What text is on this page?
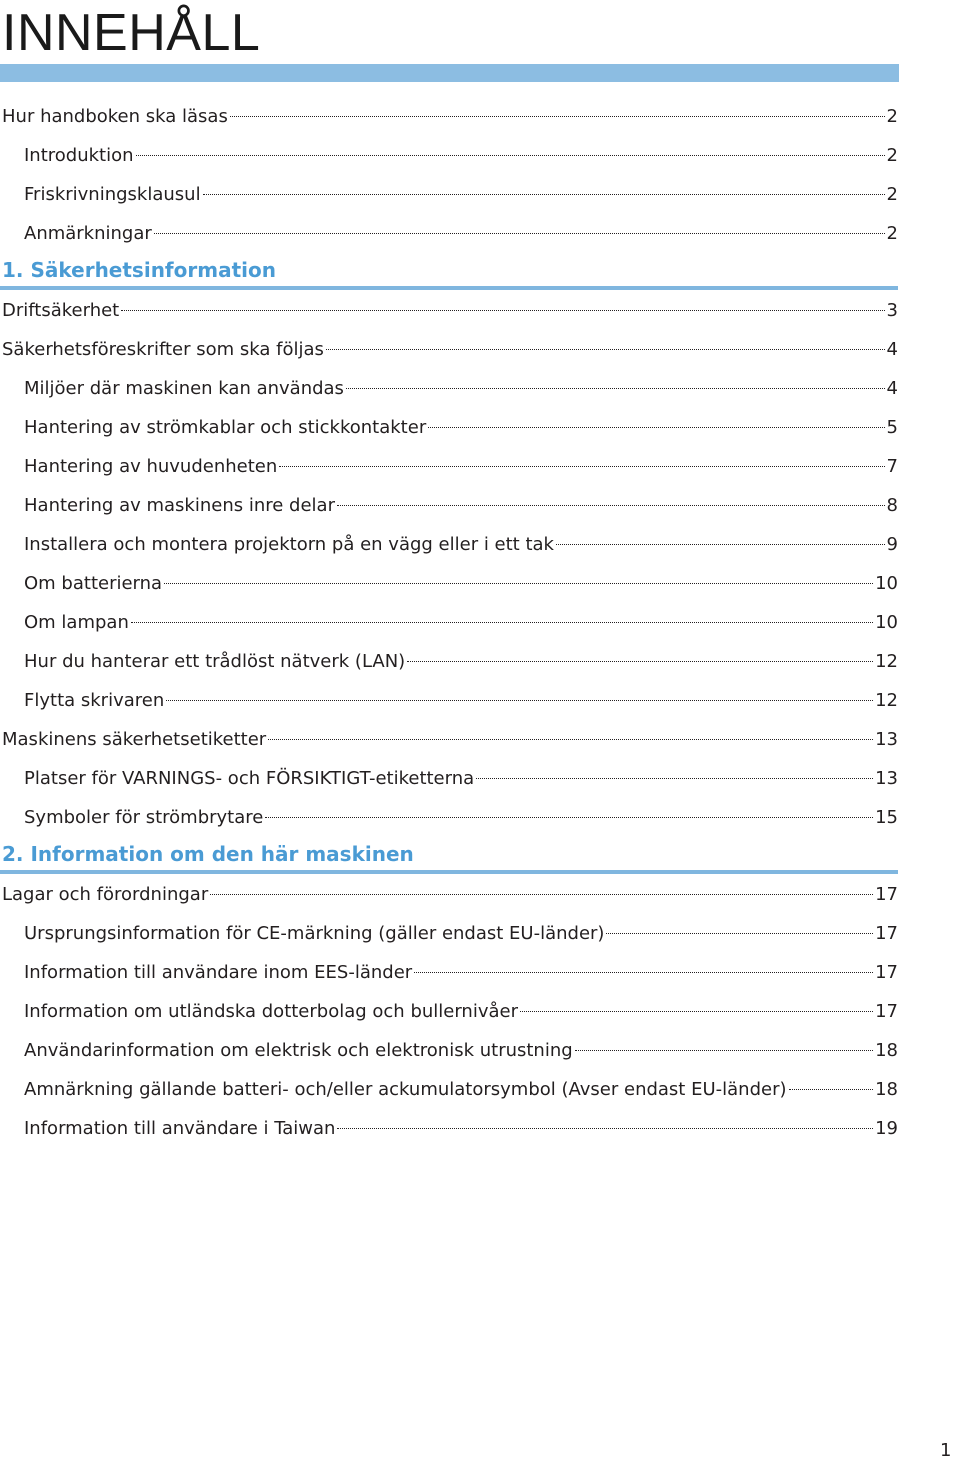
INNEHÅLL
Hur handboken ska läsas	2
Introduktion	2
Friskrivningsklausul	2
Anmärkningar	2
1. Säkerhetsinformation
Driftsäkerhet	3
Säkerhetsföreskrifter som ska följas	4
Miljöer där maskinen kan användas	4
Hantering av strömkablar och stickkontakter	5
Hantering av huvudenheten	7
Hantering av maskinens inre delar	8
Installera och montera projektorn på en vägg eller i ett tak	9
Om batterierna	10
Om lampan	10
Hur du hanterar ett trådlöst nätverk (LAN)	12
Flytta skrivaren	12
Maskinens säkerhetsetiketter	13
Platser för VARNINGS- och FÖRSIKTIGT-etiketterna	13
Symboler för strömbrytare	15
2. Information om den här maskinen
Lagar och förordningar	17
Ursprungsinformation för CE-märkning (gäller endast EU-länder)	17
Information till användare inom EES-länder	17
Information om utländska dotterbolag och bullernivåer	17
Användarinformation om elektrisk och elektronisk utrustning	18
Amnärkning gällande batteri- och/eller ackumulatorsymbol (Avser endast EU-länder)	18
Information till användare i Taiwan	19
1
